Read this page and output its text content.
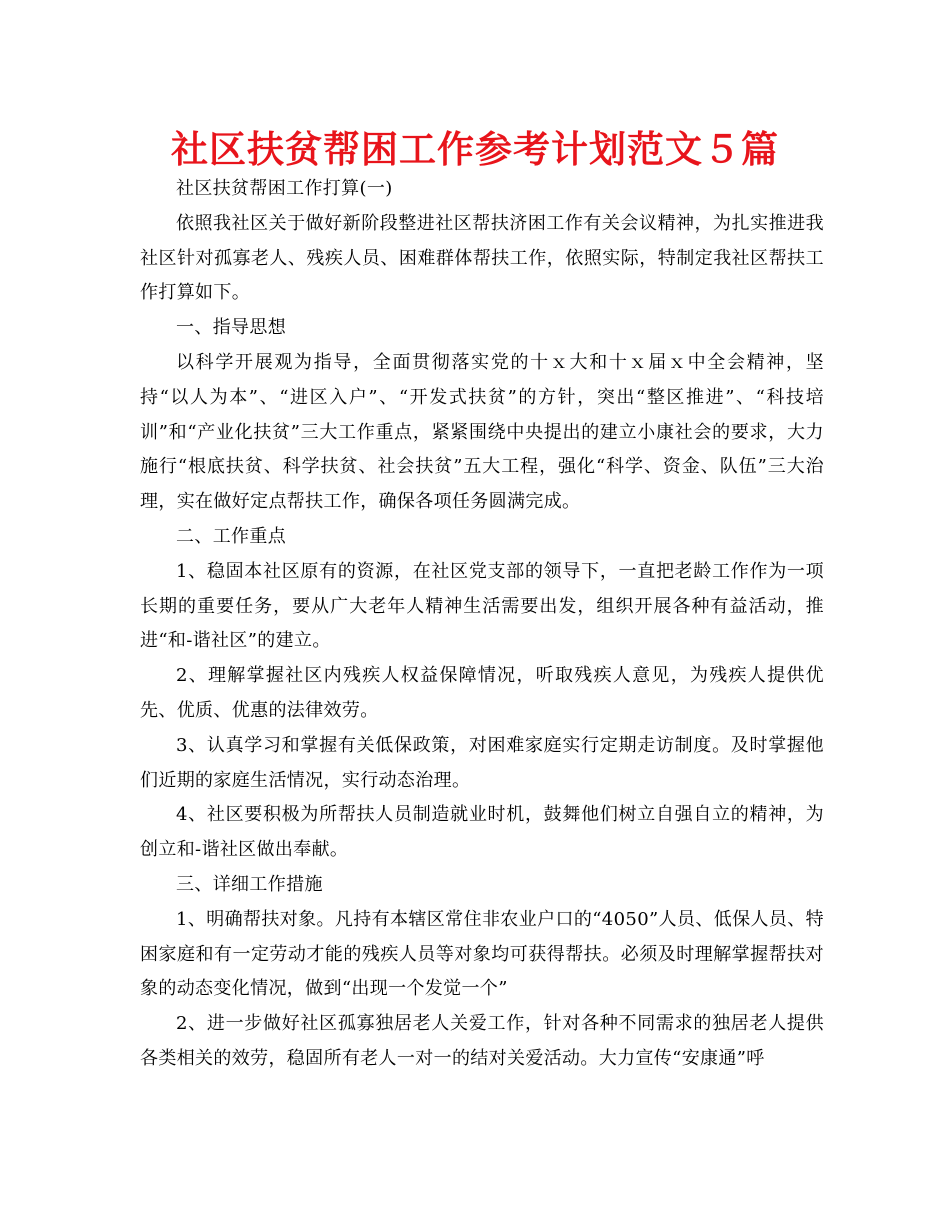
社区扶贫帮困工作参考计划范文５篇

社区扶贫帮困工作打算(一)

依照我社区关于做好新阶段整进社区帮扶济困工作有关会议精神，为扎实推进我社区针对孤寡老人、残疾人员、困难群体帮扶工作，依照实际，特制定我社区帮扶工作打算如下。

一、指导思想

以科学开展观为指导，全面贯彻落实党的十ｘ大和十ｘ届ｘ中全会精神，坚持“以人为本”、“进区入户”、“开发式扶贫”的方针，突出“整区推进”、“科技培训”和“产业化扶贫”三大工作重点，紧紧围绕中央提出的建立小康社会的要求，大力施行“根底扶贫、科学扶贫、社会扶贫”五大工程，强化“科学、资金、队伍”三大治理，实在做好定点帮扶工作，确保各项任务圆满完成。

二、工作重点

1、稳固本社区原有的资源，在社区党支部的领导下，一直把老龄工作作为一项长期的重要任务，要从广大老年人精神生活需要出发，组织开展各种有益活动，推进“和-谐社区”的建立。

2、理解掌握社区内残疾人权益保障情况，听取残疾人意见，为残疾人提供优先、优质、优惠的法律效劳。

3、认真学习和掌握有关低保政策，对困难家庭实行定期走访制度。及时掌握他们近期的家庭生活情况，实行动态治理。

4、社区要积极为所帮扶人员制造就业时机，鼓舞他们树立自强自立的精神，为创立和-谐社区做出奉献。

三、详细工作措施

1、明确帮扶对象。凡持有本辖区常住非农业户口的“4050”人员、低保人员、特困家庭和有一定劳动才能的残疾人员等对象均可获得帮扶。必须及时理解掌握帮扶对象的动态变化情况，做到“出现一个发觉一个”

2、进一步做好社区孤寡独居老人关爱工作，针对各种不同需求的独居老人提供各类相关的效劳，稳固所有老人一对一的结对关爱活动。大力宣传“安康通”呼
